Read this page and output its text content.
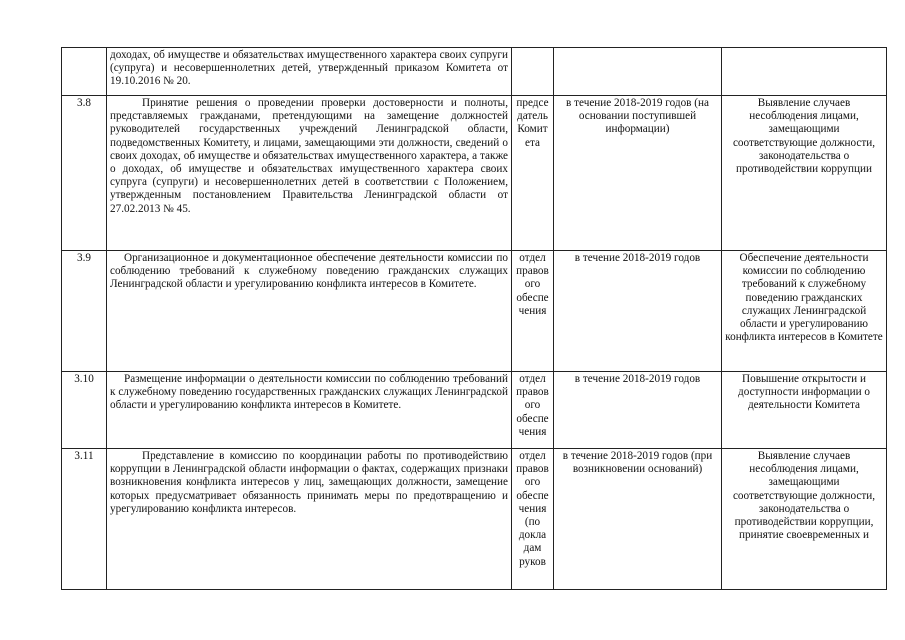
	доходах, об имуществе и обязательствах имущественного характера своих супруги (супруга) и несовершеннолетних детей, утвержденный приказом Комитета от 19.10.2016 № 20.			
3.8	Принятие решения о проведении проверки достоверности и полноты, представляемых гражданами, претендующими на замещение должностей руководителей государственных учреждений Ленинградской области, подведомственных Комитету, и лицами, замещающими эти должности, сведений о своих доходах, об имуществе и обязательствах имущественного характера, а также о доходах, об имуществе и обязательствах имущественного характера своих супруга (супруги) и несовершеннолетних детей в соответствии с Положением, утвержденным постановлением Правительства Ленинградской области от 27.02.2013 № 45.	предсе датель Комит ета	в течение 2018-2019 годов (на основании поступившей информации)	Выявление случаев несоблюдения лицами, замещающими соответствующие должности, законодательства о противодействии коррупции
3.9	Организационное и документационное обеспечение деятельности комиссии по соблюдению требований к служебному поведению гражданских служащих Ленинградской области и урегулированию конфликта интересов в Комитете.	отдел правов ого обеспе чения	в течение 2018-2019 годов	Обеспечение деятельности комиссии по соблюдению требований к служебному поведению гражданских служащих Ленинградской области и урегулированию конфликта интересов в Комитете
3.10	Размещение информации о деятельности комиссии по соблюдению требований к служебному поведению государственных гражданских служащих Ленинградской области и урегулированию конфликта интересов в Комитете.	отдел правов ого обеспе чения	в течение 2018-2019 годов	Повышение открытости и доступности информации о деятельности Комитета
3.11	Представление в комиссию по координации работы по противодействию коррупции в Ленинградской области информации о фактах, содержащих признаки возникновения конфликта интересов у лиц, замещающих должности, замещение которых предусматривает обязанность принимать меры по предотвращению и урегулированию конфликта интересов.	отдел правов ого обеспе чения (по докла дам руков	в течение 2018-2019 годов (при возникновении оснований)	Выявление случаев несоблюдения лицами, замещающими соответствующие должности, законодательства о противодействии коррупции, принятие своевременных и
